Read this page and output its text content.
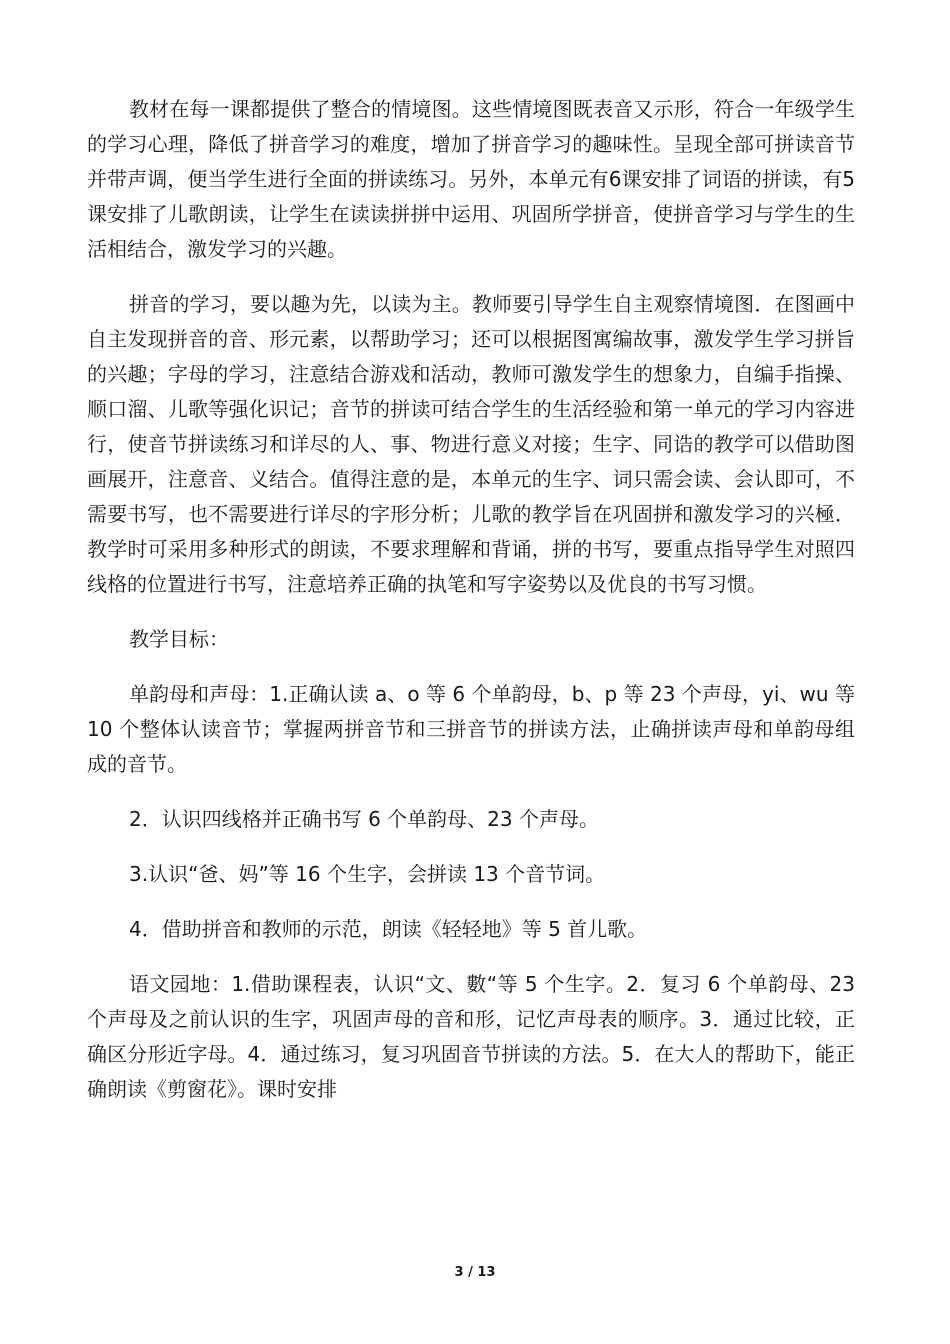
教材在每一课都提供了整合的情境图。这些情境图既表音又示形，符合一年级学生的学习心理，降低了拼音学习的难度，增加了拼音学习的趣味性。呈现全部可拼读音节并带声调，便当学生进行全面的拼读练习。另外，本单元有6课安排了词语的拼读，有5课安排了儿歌朗读，让学生在读读拼拼中运用、巩固所学拼音，使拼音学习与学生的生活相结合，激发学习的兴趣。

拼音的学习，要以趣为先，以读为主。教师要引导学生自主观察情境图．在图画中自主发现拼音的音、形元素，以帮助学习；还可以根据图寓编故事，激发学生学习拼旨的兴趣；字母的学习，注意结合游戏和活动，教师可激发学生的想象力，自编手指操、顺口溜、儿歌等强化识记；音节的拼读可结合学生的生活经验和第一单元的学习内容进行，使音节拼读练习和详尽的人、事、物进行意义对接；生字、同诰的教学可以借助图画展开，注意音、义结合。值得注意的是，本单元的生字、词只需会读、会认即可，不需要书写，也不需要进行详尽的字形分析；儿歌的教学旨在巩固拼和激发学习的兴極．教学时可采用多种形式的朗读，不要求理解和背诵，拼的书写，要重点指导学生对照四线格的位置进行书写，注意培养正确的执笔和写字姿势以及优良的书写习惯。

教学目标：

单韵母和声母：1.正确认读 a、o 等 6 个单韵母，b、p 等 23 个声母，yi、wu 等 10 个整体认读音节；掌握两拼音节和三拼音节的拼读方法，止确拼读声母和单韵母组成的音节。

2．认识四线格并正确书写 6 个单韵母、23 个声母。

3.认识“爸、妈”等 16 个生字，会拼读 13 个音节词。

4．借助拼音和教师的示范，朗读《轻轻地》等 5 首儿歌。

语文园地：1.借助课程表，认识“文、數“等 5 个生字。2．复习 6 个单韵母、23 个声母及之前认识的生字，巩固声母的音和形，记忆声母表的顺序。3．通过比较，正确区分形近字母。4．通过练习，复习巩固音节拼读的方法。5．在大人的帮助下，能正确朗读《剪窗花》。课时安排

3 / 13
